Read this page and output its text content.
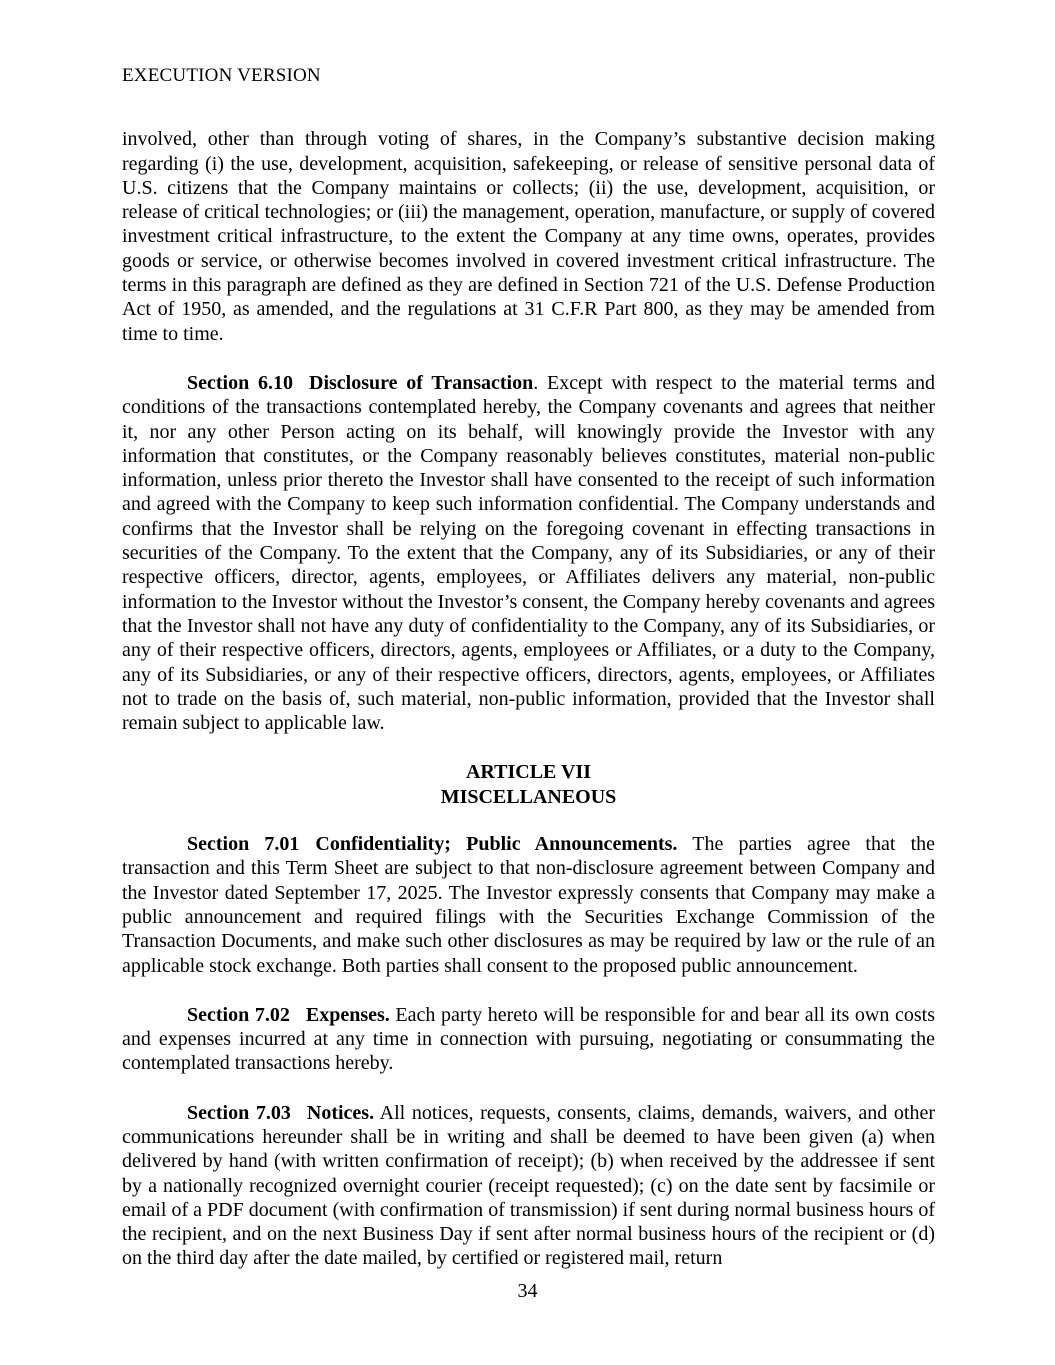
EXECUTION VERSION

involved, other than through voting of shares, in the Company’s substantive decision making regarding (i) the use, development, acquisition, safekeeping, or release of sensitive personal data of U.S. citizens that the Company maintains or collects; (ii) the use, development, acquisition, or release of critical technologies; or (iii) the management, operation, manufacture, or supply of covered investment critical infrastructure, to the extent the Company at any time owns, operates, provides goods or service, or otherwise becomes involved in covered investment critical infrastructure. The terms in this paragraph are defined as they are defined in Section 721 of the U.S. Defense Production Act of 1950, as amended, and the regulations at 31 C.F.R Part 800, as they may be amended from time to time.

Section 6.10 Disclosure of Transaction. Except with respect to the material terms and conditions of the transactions contemplated hereby, the Company covenants and agrees that neither it, nor any other Person acting on its behalf, will knowingly provide the Investor with any information that constitutes, or the Company reasonably believes constitutes, material non-public information, unless prior thereto the Investor shall have consented to the receipt of such information and agreed with the Company to keep such information confidential. The Company understands and confirms that the Investor shall be relying on the foregoing covenant in effecting transactions in securities of the Company. To the extent that the Company, any of its Subsidiaries, or any of their respective officers, director, agents, employees, or Affiliates delivers any material, non-public information to the Investor without the Investor’s consent, the Company hereby covenants and agrees that the Investor shall not have any duty of confidentiality to the Company, any of its Subsidiaries, or any of their respective officers, directors, agents, employees or Affiliates, or a duty to the Company, any of its Subsidiaries, or any of their respective officers, directors, agents, employees, or Affiliates not to trade on the basis of, such material, non-public information, provided that the Investor shall remain subject to applicable law.

ARTICLE VII
MISCELLANEOUS

Section 7.01 Confidentiality; Public Announcements. The parties agree that the transaction and this Term Sheet are subject to that non-disclosure agreement between Company and the Investor dated September 17, 2025. The Investor expressly consents that Company may make a public announcement and required filings with the Securities Exchange Commission of the Transaction Documents, and make such other disclosures as may be required by law or the rule of an applicable stock exchange. Both parties shall consent to the proposed public announcement.

Section 7.02 Expenses. Each party hereto will be responsible for and bear all its own costs and expenses incurred at any time in connection with pursuing, negotiating or consummating the contemplated transactions hereby.

Section 7.03 Notices. All notices, requests, consents, claims, demands, waivers, and other communications hereunder shall be in writing and shall be deemed to have been given (a) when delivered by hand (with written confirmation of receipt); (b) when received by the addressee if sent by a nationally recognized overnight courier (receipt requested); (c) on the date sent by facsimile or email of a PDF document (with confirmation of transmission) if sent during normal business hours of the recipient, and on the next Business Day if sent after normal business hours of the recipient or (d) on the third day after the date mailed, by certified or registered mail, return

34
